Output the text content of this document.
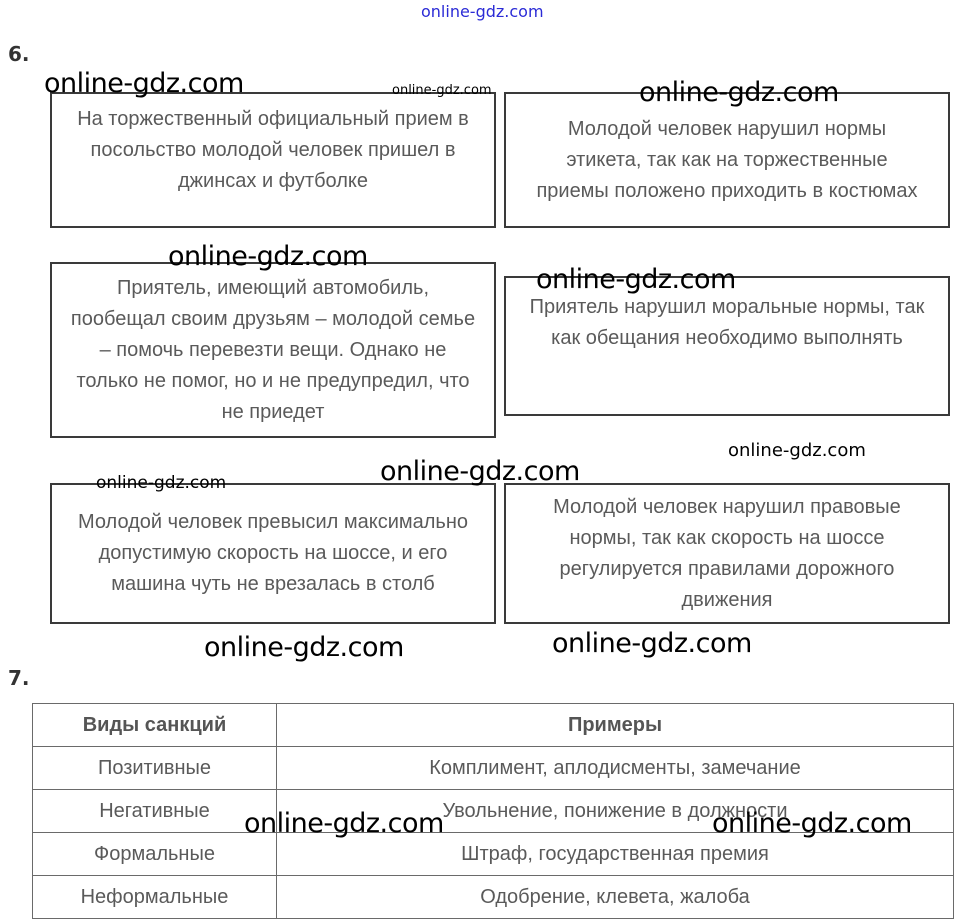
6.
На торжественный официальный прием в посольство молодой человек пришел в джинсах и футболке
Молодой человек нарушил нормы этикета, так как на торжественные приемы положено приходить в костюмах
Приятель, имеющий автомобиль, пообещал своим друзьям – молодой семье – помочь перевезти вещи. Однако не только не помог, но и не предупредил, что не приедет
Приятель нарушил моральные нормы, так как обещания необходимо выполнять
Молодой человек превысил максимально допустимую скорость на шоссе, и его машина чуть не врезалась в столб
Молодой человек нарушил правовые нормы, так как скорость на шоссе регулируется правилами дорожного движения
7.
Виды санкций	Примеры
Позитивные	Комплимент, аплодисменты, замечание
Негативные	Увольнение, понижение в должности
Формальные	Штраф, государственная премия
Неформальные	Одобрение, клевета, жалоба
online-gdz.com
online-gdz.com	online-gdz.com	online-gdz.com
online-gdz.com
online-gdz.com
online-gdz.com
online-gdz.com	online-gdz.com
online-gdz.com	online-gdz.com
online-gdz.com	online-gdz.com
